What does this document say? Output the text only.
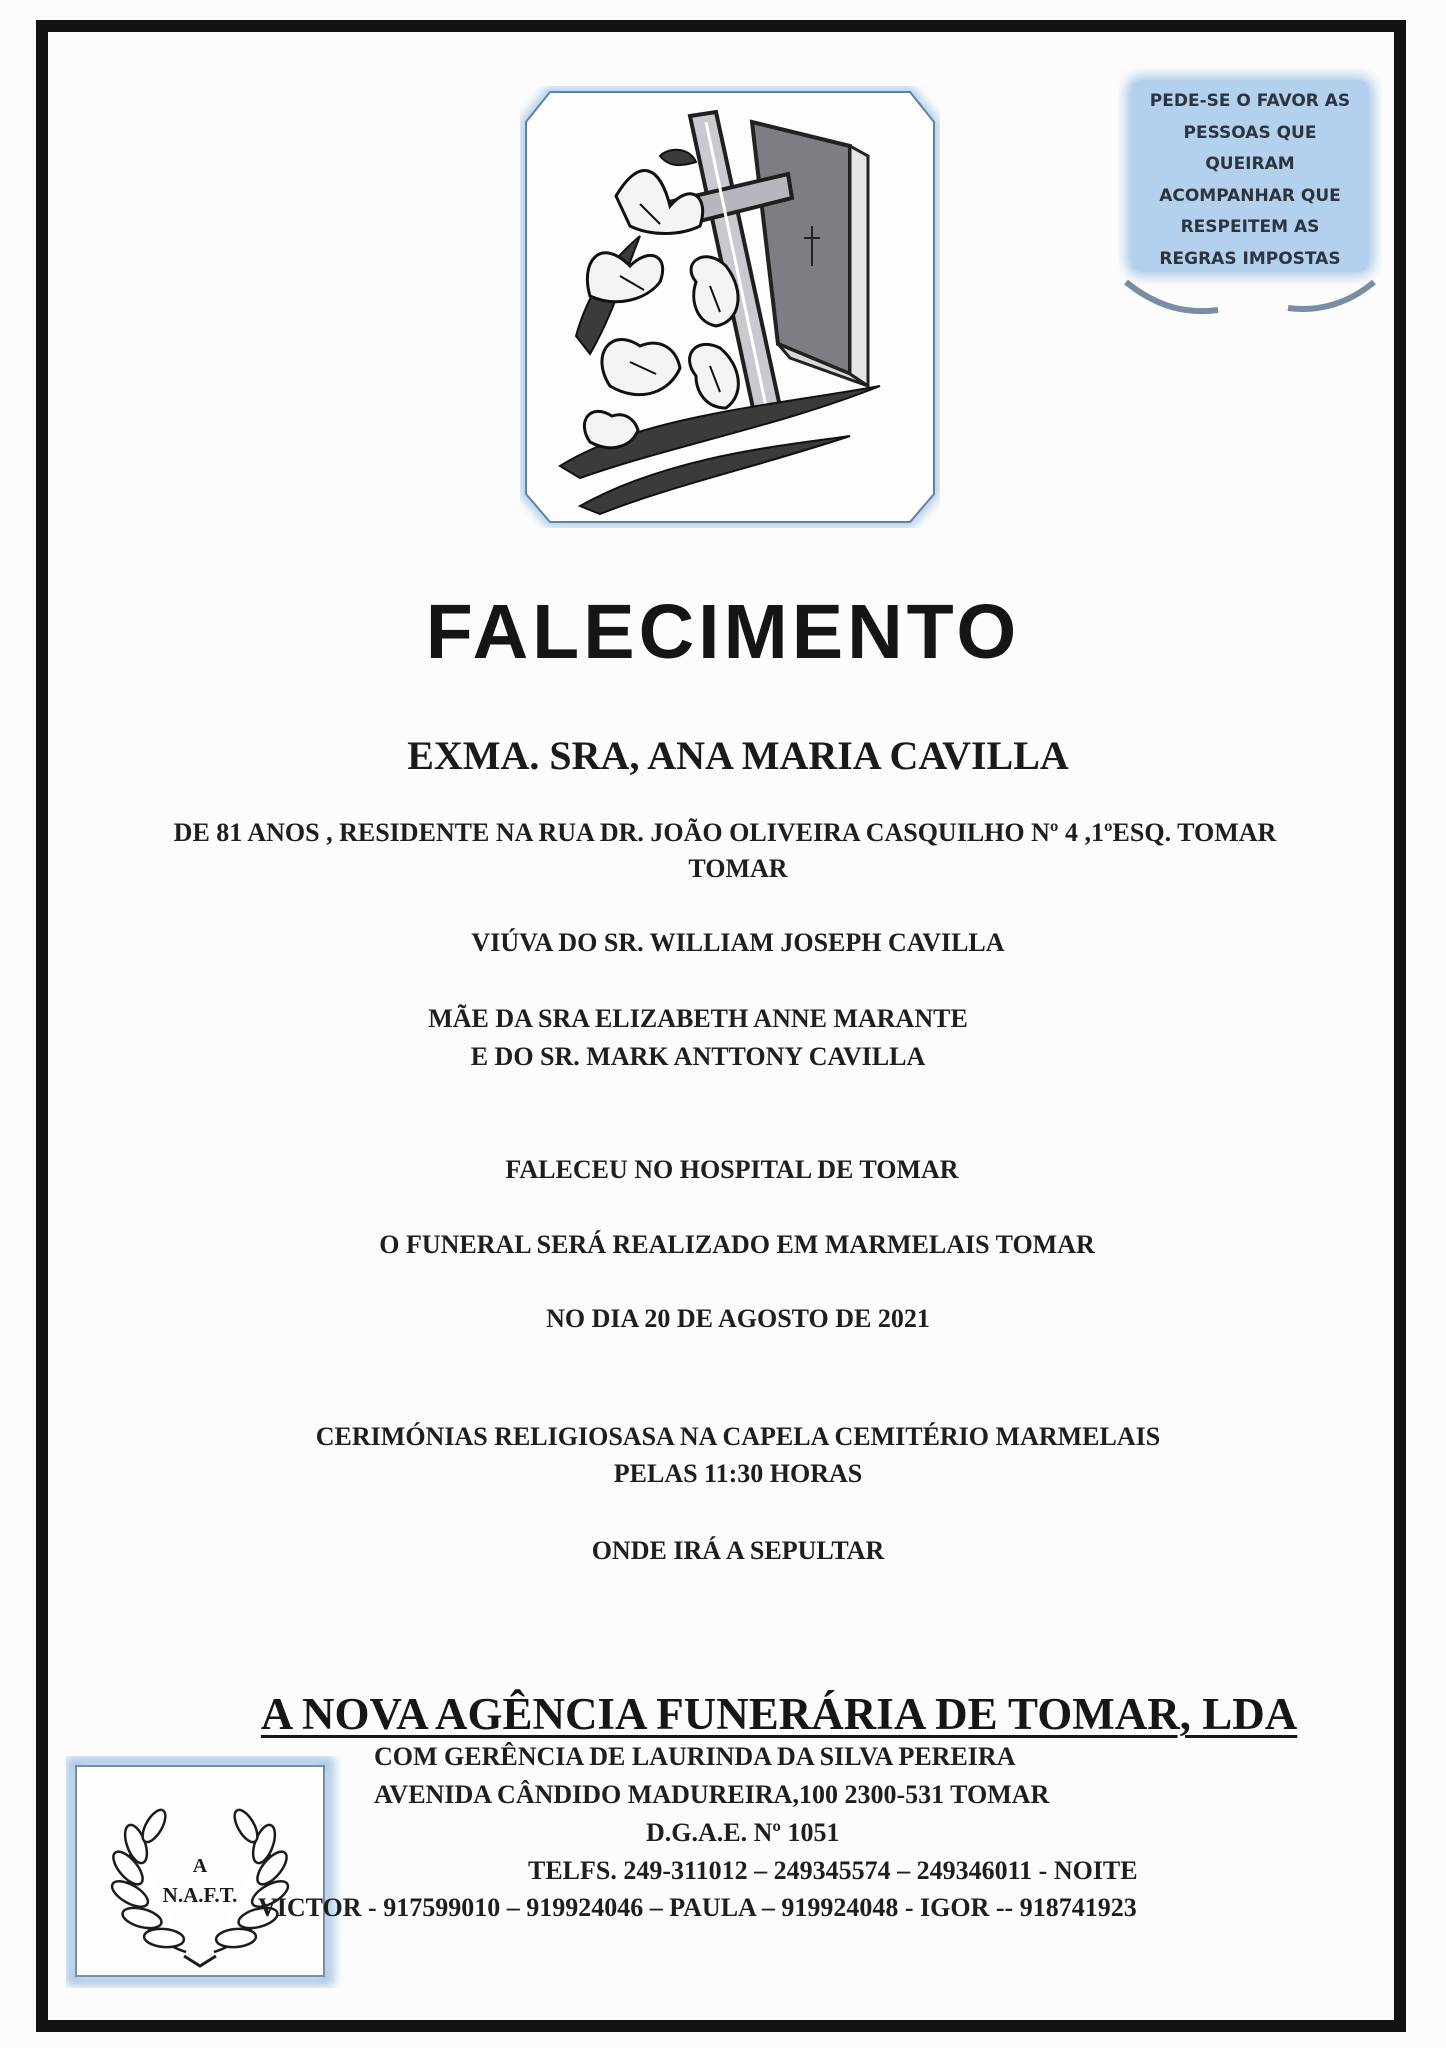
PEDE-SE O FAVOR AS
PESSOAS QUE
QUEIRAM
ACOMPANHAR QUE
RESPEITEM AS
REGRAS IMPOSTAS
FALECIMENTO
EXMA. SRA, ANA MARIA CAVILLA
DE 81 ANOS , RESIDENTE NA RUA DR. JOÃO OLIVEIRA CASQUILHO Nº 4 ,1ºESQ. TOMAR
TOMAR
VIÚVA DO SR. WILLIAM JOSEPH CAVILLA
MÃE DA SRA ELIZABETH ANNE MARANTE
E DO SR. MARK ANTTONY CAVILLA
FALECEU NO HOSPITAL DE TOMAR
O FUNERAL SERÁ REALIZADO EM MARMELAIS TOMAR
NO DIA 20 DE AGOSTO DE 2021
CERIMÓNIAS RELIGIOSASA NA CAPELA CEMITÉRIO MARMELAIS
PELAS 11:30 HORAS
ONDE IRÁ A SEPULTAR
A NOVA AGÊNCIA FUNERÁRIA DE TOMAR, LDA
A
N.A.F.T.
COM GERÊNCIA DE LAURINDA DA SILVA PEREIRA
AVENIDA CÂNDIDO MADUREIRA,100 2300-531 TOMAR
D.G.A.E. Nº 1051
TELFS. 249-311012 – 249345574 – 249346011 - NOITE
VICTOR - 917599010 – 919924046 – PAULA – 919924048 - IGOR -- 918741923
